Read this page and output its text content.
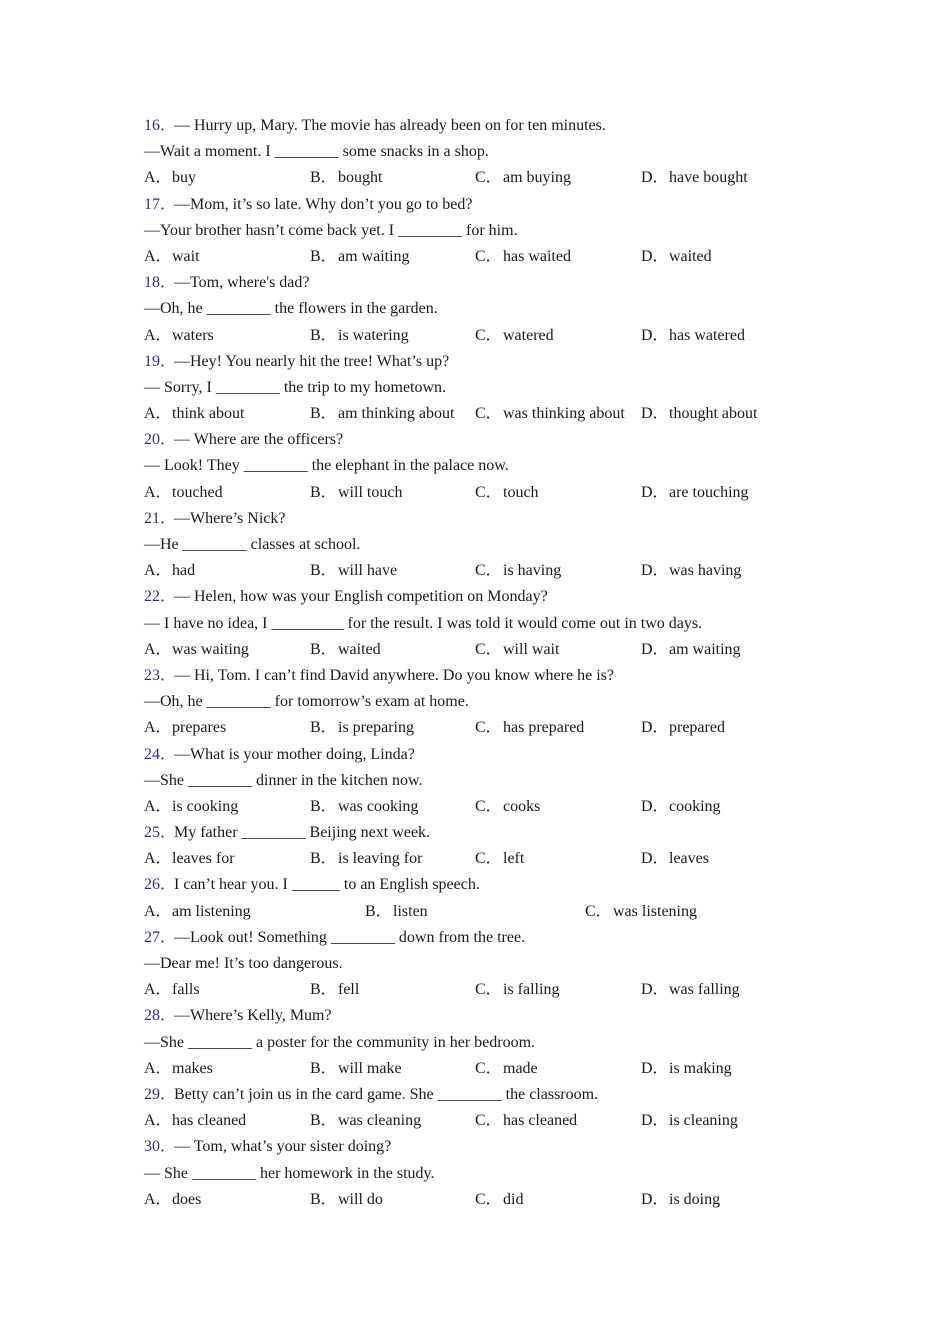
16．— Hurry up, Mary. The movie has already been on for ten minutes.
—Wait a moment. I ________ some snacks in a shop.
A．buy	B．bought	C．am buying	D．have bought
17．—Mom, it’s so late. Why don’t you go to bed?
—Your brother hasn’t come back yet. I ________ for him.
A．wait	B．am waiting	C．has waited	D．waited
18．—Tom, where's dad?
—Oh, he ________ the flowers in the garden.
A．waters	B．is watering	C．watered	D．has watered
19．—Hey! You nearly hit the tree! What’s up?
— Sorry, I ________ the trip to my hometown.
A．think about	B．am thinking about C．was thinking about D．thought about
20．— Where are the officers?
— Look! They ________ the elephant in the palace now.
A．touched	B．will touch	C．touch	D．are touching
21．—Where’s Nick?
—He ________ classes at school.
A．had	B．will have	C．is having	D．was having
22．— Helen, how was your English competition on Monday?
— I have no idea, I _________ for the result. I was told it would come out in two days.
A．was waiting	B．waited	C．will wait	D．am waiting
23．— Hi, Tom. I can’t find David anywhere. Do you know where he is?
—Oh, he ________ for tomorrow’s exam at home.
A．prepares	B．is preparing	C．has prepared	D．prepared
24．—What is your mother doing, Linda?
—She ________ dinner in the kitchen now.
A．is cooking	B．was cooking	C．cooks	D．cooking
25．My father ________ Beijing next week.
A．leaves for	B．is leaving for	C．left	D．leaves
26．I can’t hear you. I ______ to an English speech.
A．am listening	B．listen	C．was listening
27．—Look out! Something ________ down from the tree.
—Dear me! It’s too dangerous.
A．falls	B．fell	C．is falling	D．was falling
28．—Where’s Kelly, Mum?
—She ________ a poster for the community in her bedroom.
A．makes	B．will make	C．made	D．is making
29．Betty can’t join us in the card game. She ________ the classroom.
A．has cleaned	B．was cleaning	C．has cleaned	D．is cleaning
30．— Tom, what’s your sister doing?
— She ________ her homework in the study.
A．does	B．will do	C．did	D．is doing
